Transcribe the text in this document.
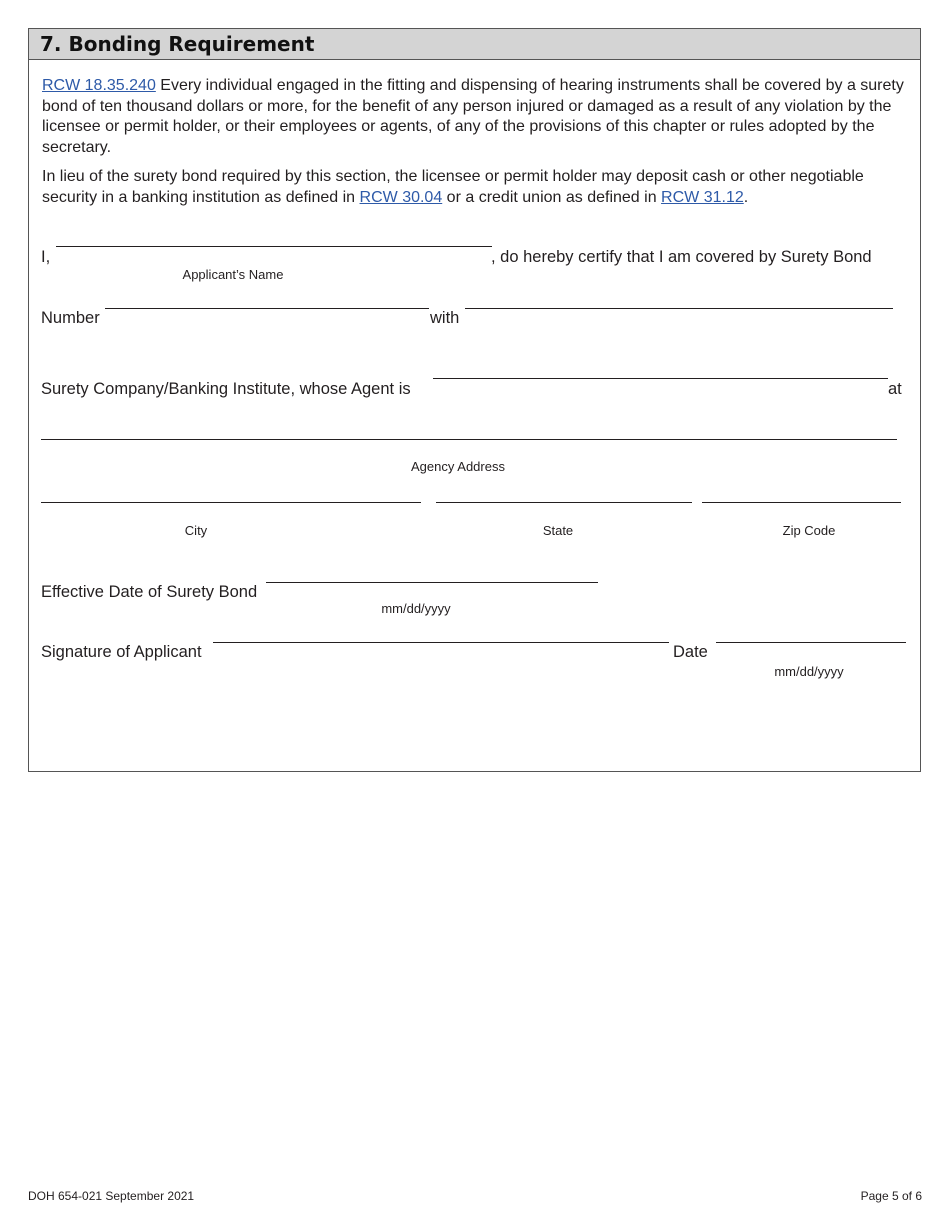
7. Bonding Requirement
RCW 18.35.240 Every individual engaged in the fitting and dispensing of hearing instruments shall be covered by a surety bond of ten thousand dollars or more, for the benefit of any person injured or damaged as a result of any violation by the licensee or permit holder, or their employees or agents, of any of the provisions of this chapter or rules adopted by the secretary.
In lieu of the surety bond required by this section, the licensee or permit holder may deposit cash or other negotiable security in a banking institution as defined in RCW 30.04 or a credit union as defined in RCW 31.12.
I,	, do hereby certify that I am covered by Surety Bond
Applicant’s Name
Number	with
Surety Company/Banking Institute, whose Agent is	at
Agency Address
City	State	Zip Code
Effective Date of Surety Bond
mm/dd/yyyy
Signature of Applicant	Date
mm/dd/yyyy
DOH 654-021 September 2021	Page 5 of 6
